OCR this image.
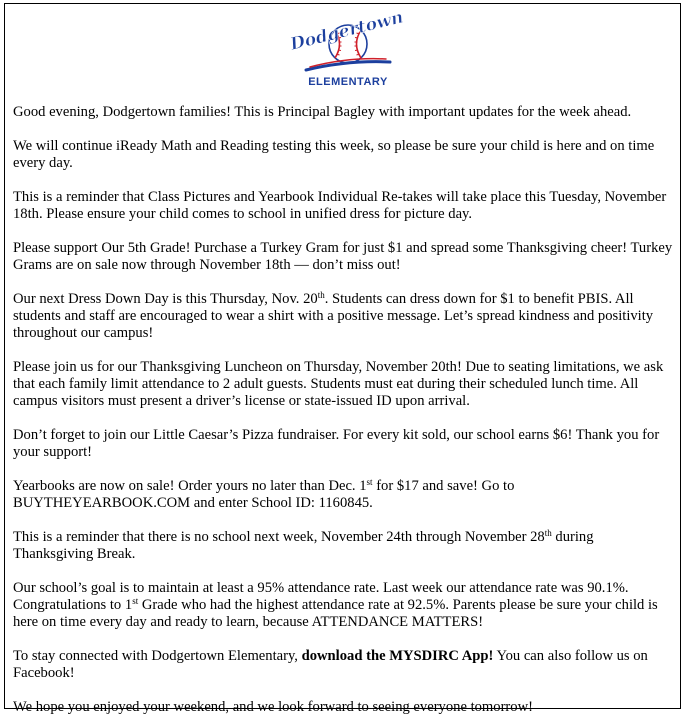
Dodgertown
ELEMENTARY

Good evening, Dodgertown families! This is Principal Bagley with important updates for the week ahead.

We will continue iReady Math and Reading testing this week, so please be sure your child is here and on time every day.

This is a reminder that Class Pictures and Yearbook Individual Re-takes will take place this Tuesday, November 18th. Please ensure your child comes to school in unified dress for picture day.

Please support Our 5th Grade! Purchase a Turkey Gram for just $1 and spread some Thanksgiving cheer! Turkey Grams are on sale now through November 18th — don’t miss out!

Our next Dress Down Day is this Thursday, Nov. 20th. Students can dress down for $1 to benefit PBIS. All students and staff are encouraged to wear a shirt with a positive message. Let’s spread kindness and positivity throughout our campus!

Please join us for our Thanksgiving Luncheon on Thursday, November 20th! Due to seating limitations, we ask that each family limit attendance to 2 adult guests. Students must eat during their scheduled lunch time. All campus visitors must present a driver’s license or state-issued ID upon arrival.

Don’t forget to join our Little Caesar’s Pizza fundraiser. For every kit sold, our school earns $6! Thank you for your support!

Yearbooks are now on sale! Order yours no later than Dec. 1st for $17 and save! Go to BUYTHEYEARBOOK.COM and enter School ID: 1160845.

This is a reminder that there is no school next week, November 24th through November 28th during Thanksgiving Break.

Our school’s goal is to maintain at least a 95% attendance rate. Last week our attendance rate was 90.1%. Congratulations to 1st Grade who had the highest attendance rate at 92.5%. Parents please be sure your child is here on time every day and ready to learn, because ATTENDANCE MATTERS!

To stay connected with Dodgertown Elementary, download the MYSDIRC App! You can also follow us on Facebook!

We hope you enjoyed your weekend, and we look forward to seeing everyone tomorrow!
